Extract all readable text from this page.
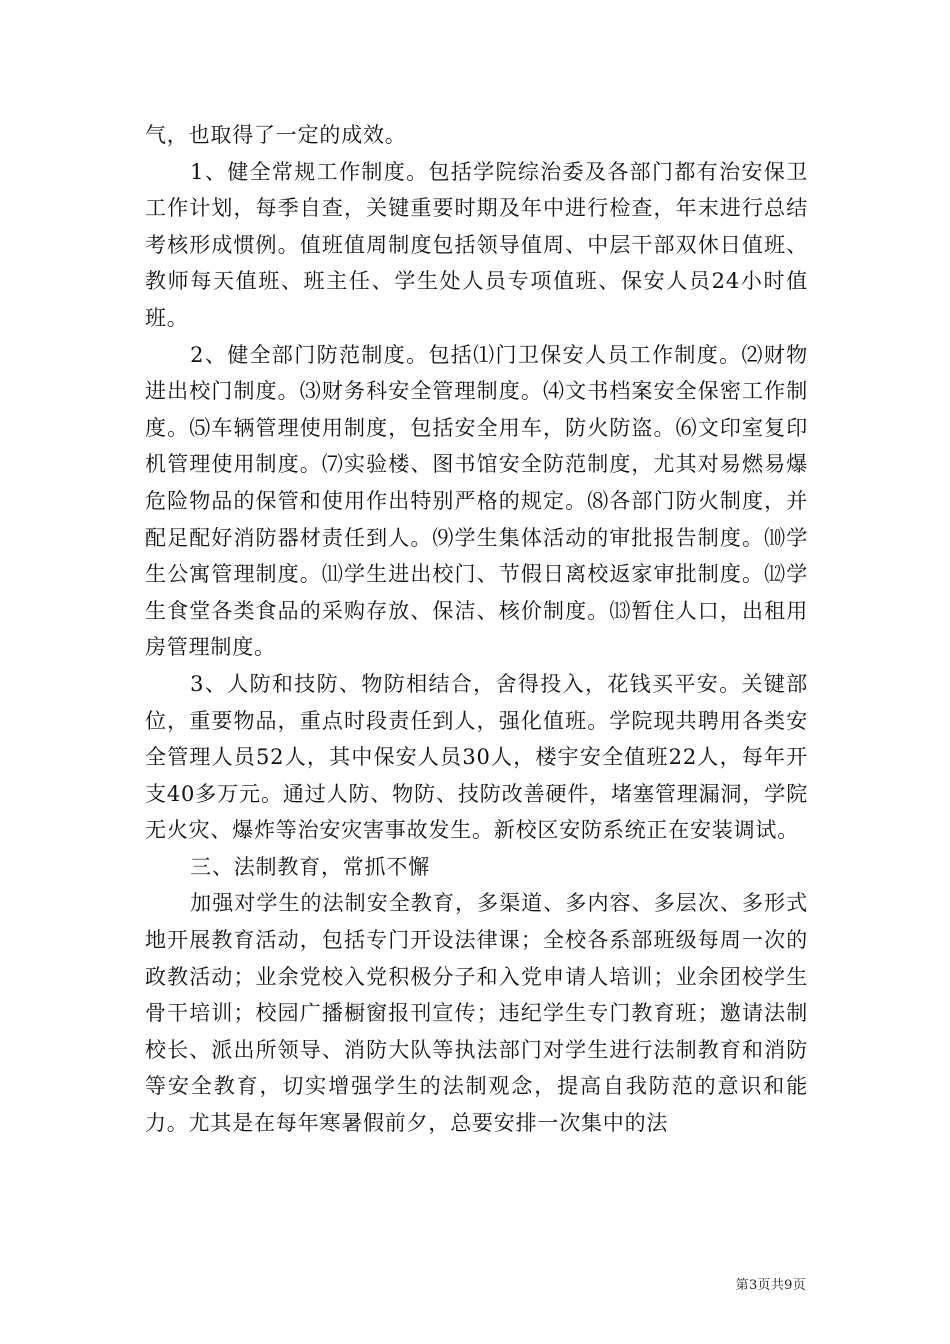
气，也取得了一定的成效。

1、健全常规工作制度。包括学院综治委及各部门都有治安保卫工作计划，每季自查，关键重要时期及年中进行检查，年末进行总结考核形成惯例。值班值周制度包括领导值周、中层干部双休日值班、教师每天值班、班主任、学生处人员专项值班、保安人员24小时值班。

2、健全部门防范制度。包括⑴门卫保安人员工作制度。⑵财物进出校门制度。⑶财务科安全管理制度。⑷文书档案安全保密工作制度。⑸车辆管理使用制度，包括安全用车，防火防盗。⑹文印室复印机管理使用制度。⑺实验楼、图书馆安全防范制度，尤其对易燃易爆危险物品的保管和使用作出特别严格的规定。⑻各部门防火制度，并配足配好消防器材责任到人。⑼学生集体活动的审批报告制度。⑽学生公寓管理制度。⑾学生进出校门、节假日离校返家审批制度。⑿学生食堂各类食品的采购存放、保洁、核价制度。⒀暂住人口，出租用房管理制度。

3、人防和技防、物防相结合，舍得投入，花钱买平安。关键部位，重要物品，重点时段责任到人，强化值班。学院现共聘用各类安全管理人员52人，其中保安人员30人，楼宇安全值班22人，每年开支40多万元。通过人防、物防、技防改善硬件，堵塞管理漏洞，学院无火灾、爆炸等治安灾害事故发生。新校区安防系统正在安装调试。

三、法制教育，常抓不懈

加强对学生的法制安全教育，多渠道、多内容、多层次、多形式地开展教育活动，包括专门开设法律课；全校各系部班级每周一次的政教活动；业余党校入党积极分子和入党申请人培训；业余团校学生骨干培训；校园广播橱窗报刊宣传；违纪学生专门教育班；邀请法制校长、派出所领导、消防大队等执法部门对学生进行法制教育和消防等安全教育，切实增强学生的法制观念，提高自我防范的意识和能力。尤其是在每年寒暑假前夕，总要安排一次集中的法

第3页共9页
